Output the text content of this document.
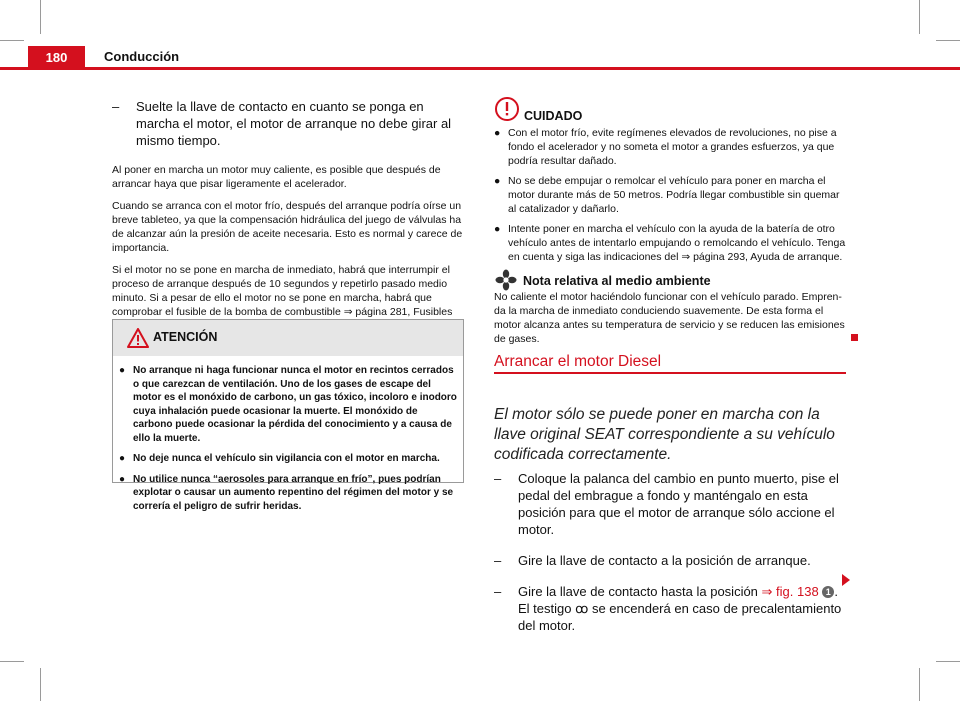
180	Conducción
–	Suelte la llave de contacto en cuanto se ponga en marcha el motor, el motor de arranque no debe girar al mismo tiempo.

Al poner en marcha un motor muy caliente, es posible que después de arrancar haya que pisar ligeramente el acelerador.

Cuando se arranca con el motor frío, después del arranque podría oírse un breve tableteo, ya que la compensación hidráulica del juego de válvulas ha de alcanzar aún la presión de aceite necesaria. Esto es normal y carece de importancia.

Si el motor no se pone en marcha de inmediato, habrá que interrumpir el proceso de arranque después de 10 segundos y repetirlo pasado medio minuto. Si a pesar de ello el motor no se pone en marcha, habrá que comprobar el fusible de la bomba de combustible ⇒ página 281, Fusibles

ATENCIÓN
● No arranque ni haga funcionar nunca el motor en recintos cerrados o que carezcan de ventilación. Uno de los gases de escape del motor es el monóxido de carbono, un gas tóxico, incoloro e inodoro cuya inhalación puede ocasionar la muerte. El monóxido de carbono puede ocasionar la pérdida del conocimiento y a causa de ello la muerte.
● No deje nunca el vehículo sin vigilancia con el motor en marcha.
● No utilice nunca “aerosoles para arranque en frío”, pues podrían explotar o causar un aumento repentino del régimen del motor y se correría el peligro de sufrir heridas.
CUIDADO
● Con el motor frío, evite regímenes elevados de revoluciones, no pise a fondo el acelerador y no someta el motor a grandes esfuerzos, ya que podría resultar dañado.
● No se debe empujar o remolcar el vehículo para poner en marcha el motor durante más de 50 metros. Podría llegar combustible sin quemar al catalizador y dañarlo.
● Intente poner en marcha el vehículo con la ayuda de la batería de otro vehículo antes de intentarlo empujando o remolcando el vehículo. Tenga en cuenta y siga las indicaciones del ⇒ página 293, Ayuda de arranque.
Nota relativa al medio ambiente

No caliente el motor haciéndolo funcionar con el vehículo parado. Empren-da la marcha de inmediato conduciendo suavemente. De esta forma el motor alcanza antes su temperatura de servicio y se reducen las emisiones de gases.

Arrancar el motor Diesel
El motor sólo se puede poner en marcha con la llave original SEAT correspondiente a su vehículo codificada correctamente.
–	Coloque la palanca del cambio en punto muerto, pise el pedal del embrague a fondo y manténgalo en esta posición para que el motor de arranque sólo accione el motor.
–	Gire la llave de contacto a la posición de arranque.
–	Gire la llave de contacto hasta la posición ⇒ fig. 138 1 . El testigo ꝏ se encenderá en caso de precalentamiento del motor.
